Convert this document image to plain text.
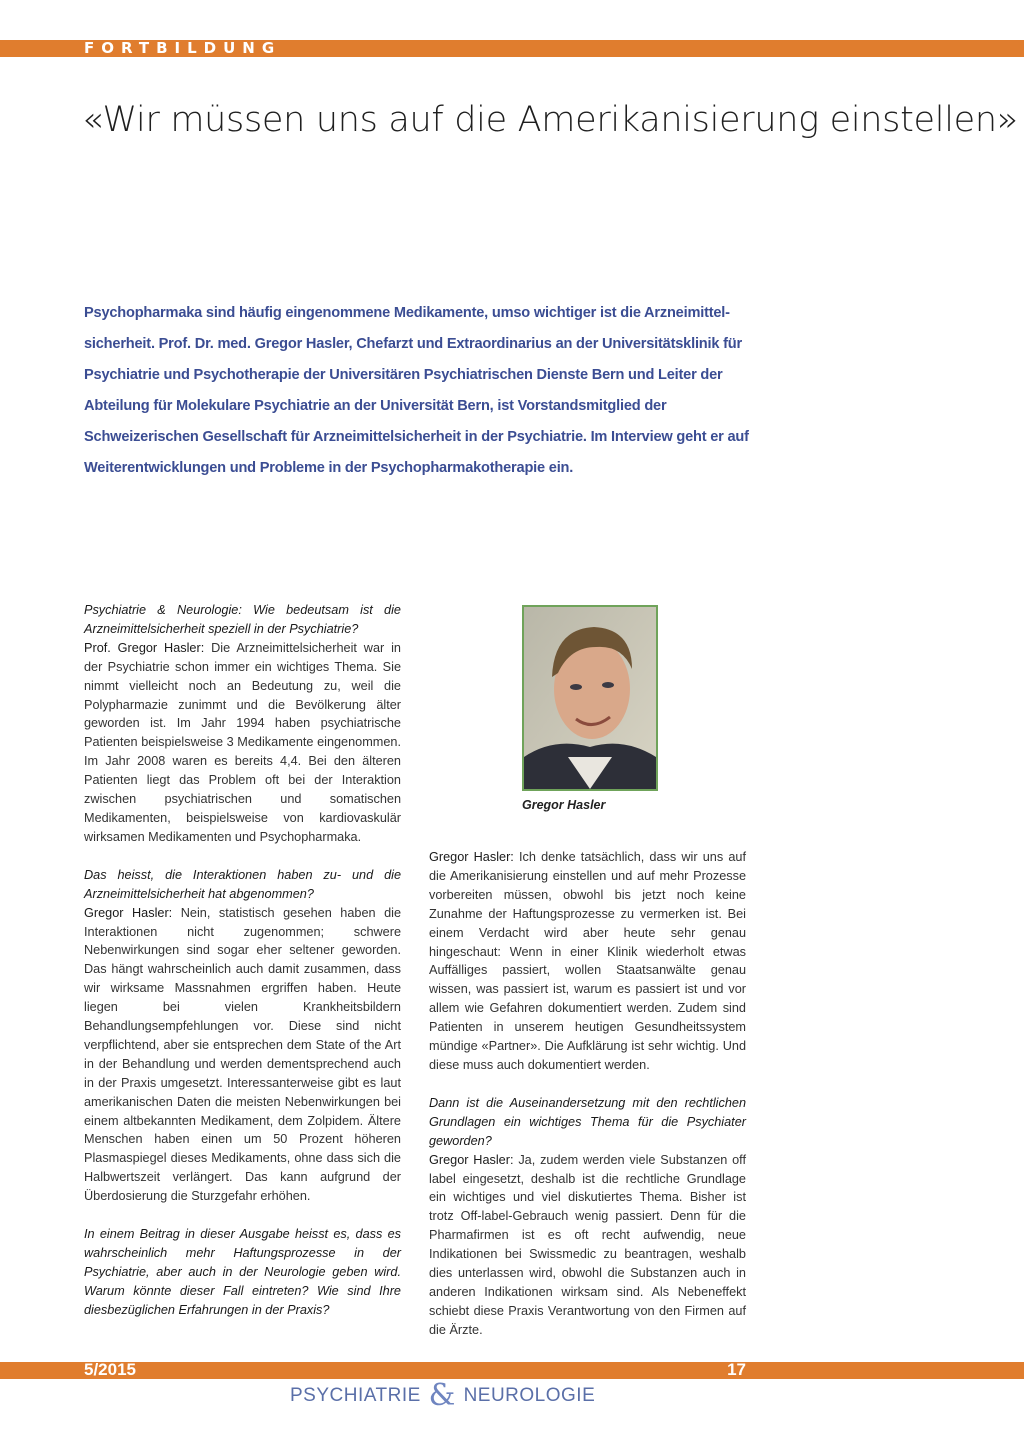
FORTBILDUNG
«Wir müssen uns auf die Amerikanisierung einstellen»

Psychopharmaka sind häufig eingenommene Medikamente, umso wichtiger ist die Arzneimittel-sicherheit. Prof. Dr. med. Gregor Hasler, Chefarzt und Extraordinarius an der Universitätsklinik für Psychiatrie und Psychotherapie der Universitären Psychiatrischen Dienste Bern und Leiter der Abteilung für Molekulare Psychiatrie an der Universität Bern, ist Vorstandsmitglied der Schweizerischen Gesellschaft für Arzneimittelsicherheit in der Psychiatrie. Im Interview geht er auf Weiterentwicklungen und Probleme in der Psychopharmakotherapie ein.

Psychiatrie & Neurologie: Wie bedeutsam ist die Arzneimittelsicherheit speziell in der Psychiatrie?
Prof. Gregor Hasler: Die Arzneimittelsicherheit war in der Psychiatrie schon immer ein wichtiges Thema. Sie nimmt vielleicht noch an Bedeutung zu, weil die Polypharmazie zunimmt und die Bevölkerung älter geworden ist. Im Jahr 1994 haben psychiatrische Patienten beispielsweise 3 Medikamente eingenommen. Im Jahr 2008 waren es bereits 4,4. Bei den älteren Patienten liegt das Problem oft bei der Interaktion zwischen psychiatrischen und somatischen Medikamenten, beispielsweise von kardiovaskulär wirksamen Medikamenten und Psychopharmaka.

Das heisst, die Interaktionen haben zu- und die Arzneimittelsicherheit hat abgenommen?
Gregor Hasler: Nein, statistisch gesehen haben die Interaktionen nicht zugenommen; schwere Nebenwirkungen sind sogar eher seltener geworden. Das hängt wahrscheinlich auch damit zusammen, dass wir wirksame Massnahmen ergriffen haben. Heute liegen bei vielen Krankheitsbildern Behandlungsempfehlungen vor. Diese sind nicht verpflichtend, aber sie entsprechen dem State of the Art in der Behandlung und werden dementsprechend auch in der Praxis umgesetzt. Interessanterweise gibt es laut amerikanischen Daten die meisten Nebenwirkungen bei einem altbekannten Medikament, dem Zolpidem. Ältere Menschen haben einen um 50 Prozent höheren Plasmaspiegel dieses Medikaments, ohne dass sich die Halbwertszeit verlängert. Das kann aufgrund der Überdosierung die Sturzgefahr erhöhen.

In einem Beitrag in dieser Ausgabe heisst es, dass es wahrscheinlich mehr Haftungsprozesse in der Psychiatrie, aber auch in der Neurologie geben wird. Warum könnte dieser Fall eintreten? Wie sind Ihre diesbezüglichen Erfahrungen in der Praxis?

Gregor Hasler

Gregor Hasler: Ich denke tatsächlich, dass wir uns auf die Amerikanisierung einstellen und auf mehr Prozesse vorbereiten müssen, obwohl bis jetzt noch keine Zunahme der Haftungsprozesse zu vermerken ist. Bei einem Verdacht wird aber heute sehr genau hingeschaut: Wenn in einer Klinik wiederholt etwas Auffälliges passiert, wollen Staatsanwälte genau wissen, was passiert ist, warum es passiert ist und vor allem wie Gefahren dokumentiert werden. Zudem sind Patienten in unserem heutigen Gesundheitssystem mündige «Partner». Die Aufklärung ist sehr wichtig. Und diese muss auch dokumentiert werden.

Dann ist die Auseinandersetzung mit den rechtlichen Grundlagen ein wichtiges Thema für die Psychiater geworden?
Gregor Hasler: Ja, zudem werden viele Substanzen off label eingesetzt, deshalb ist die rechtliche Grundlage ein wichtiges und viel diskutiertes Thema. Bisher ist trotz Off-label-Gebrauch wenig passiert. Denn für die Pharmafirmen ist es oft recht aufwendig, neue Indikationen bei Swissmedic zu beantragen, weshalb dies unterlassen wird, obwohl die Substanzen auch in anderen Indikationen wirksam sind. Als Nebeneffekt schiebt diese Praxis Verantwortung von den Firmen auf die Ärzte.

5/2015	17
PSYCHIATRIE & NEUROLOGIE
